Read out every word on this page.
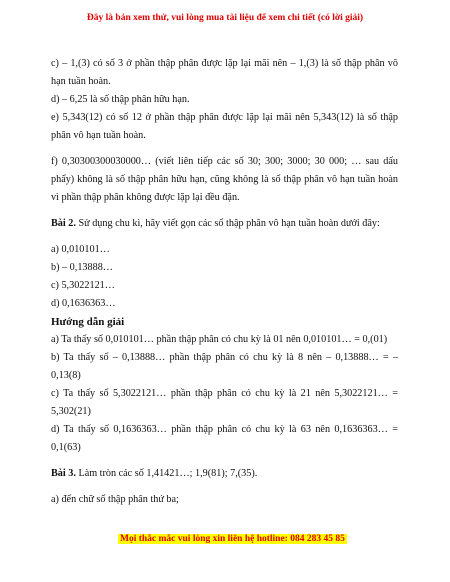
Đây là bản xem thử, vui lòng mua tài liệu để xem chi tiết (có lời giải)

c) – 1,(3) có số 3 ở phần thập phân được lặp lại mãi nên – 1,(3) là số thập phân vô hạn tuần hoàn.

d) – 6,25 là số thập phân hữu hạn.

e) 5,343(12) có số 12 ở phần thập phân được lặp lại mãi nên 5,343(12) là số thập phân vô hạn tuần hoàn.

f) 0,30300300030000… (viết liên tiếp các số 30; 300; 3000; 30 000; … sau dấu phẩy) không là số thập phân hữu hạn, cũng không là số thập phân vô hạn tuần hoàn vì phần thập phân không được lặp lại đều đặn.

Bài 2. Sử dụng chu kì, hãy viết gọn các số thập phân vô hạn tuần hoàn dưới đây:

a) 0,010101…

b) – 0,13888…

c) 5,3022121…

d) 0,1636363…

Hướng dẫn giải

a) Ta thấy số 0,010101… phần thập phân có chu kỳ là 01 nên 0,010101… = 0,(01)

b) Ta thấy số – 0,13888… phần thập phân có chu kỳ là 8 nên – 0,13888… = – 0,13(8)

c) Ta thấy số 5,3022121… phần thập phân có chu kỳ là 21 nên 5,3022121… = 5,302(21)

d) Ta thấy số 0,1636363… phần thập phân có chu kỳ là 63 nên 0,1636363… = 0,1(63)

Bài 3. Làm tròn các số 1,41421…; 1,9(81); 7,(35).

a) đến chữ số thập phân thứ ba;

Mọi thắc mắc vui lòng xin liên hệ hotline: 084 283 45 85
